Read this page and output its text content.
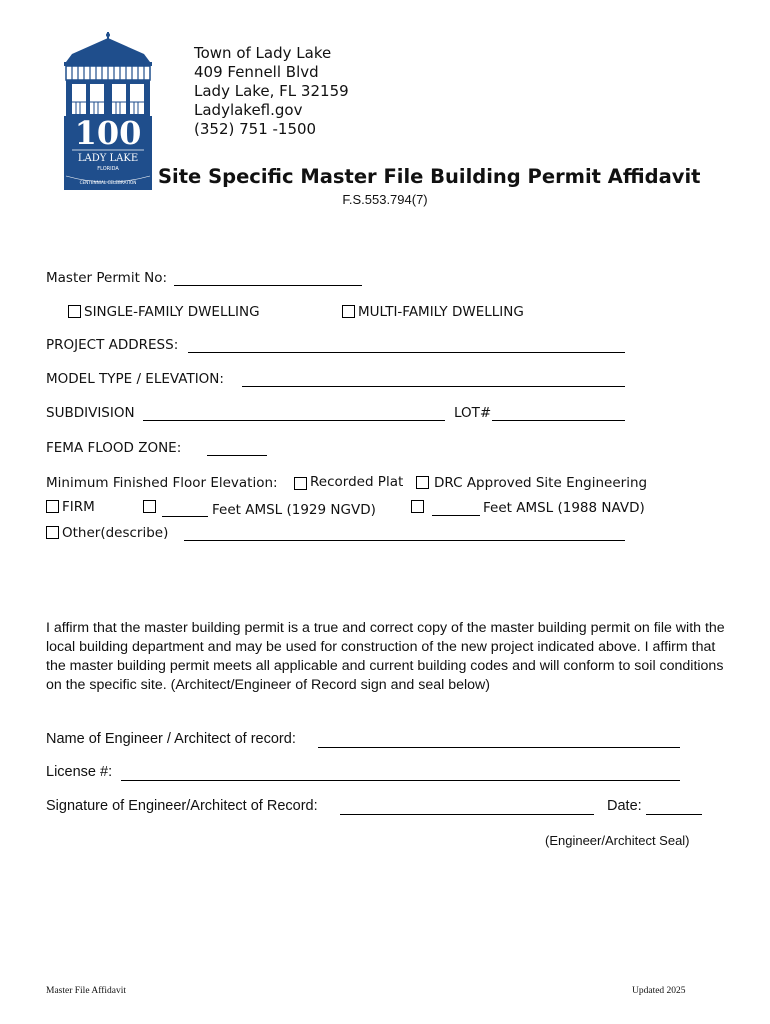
100
LADY LAKE
FLORIDA
CENTENNIAL CELEBRATION
Town of Lady Lake
409 Fennell Blvd
Lady Lake, FL 32159
Ladylakefl.gov
(352) 751 -1500
Site Specific Master File Building Permit Affidavit
F.S.553.794(7)
Master Permit No:
SINGLE-FAMILY DWELLING	MULTI-FAMILY DWELLING
PROJECT ADDRESS:
MODEL TYPE / ELEVATION:
SUBDIVISION	LOT#
FEMA FLOOD ZONE:
Minimum Finished Floor Elevation: Recorded Plat DRC Approved Site Engineering
FIRM	Feet AMSL (1929 NGVD)	Feet AMSL (1988 NAVD)
Other(describe)
I affirm that the master building permit is a true and correct copy of the master building permit on file with the local building department and may be used for construction of the new project indicated above. I affirm that the master building permit meets all applicable and current building codes and will conform to soil conditions on the specific site. (Architect/Engineer of Record sign and seal below)
Name of Engineer / Architect of record:
License #:
Signature of Engineer/Architect of Record:	Date:
(Engineer/Architect Seal)
Master File Affidavit	Updated 2025
